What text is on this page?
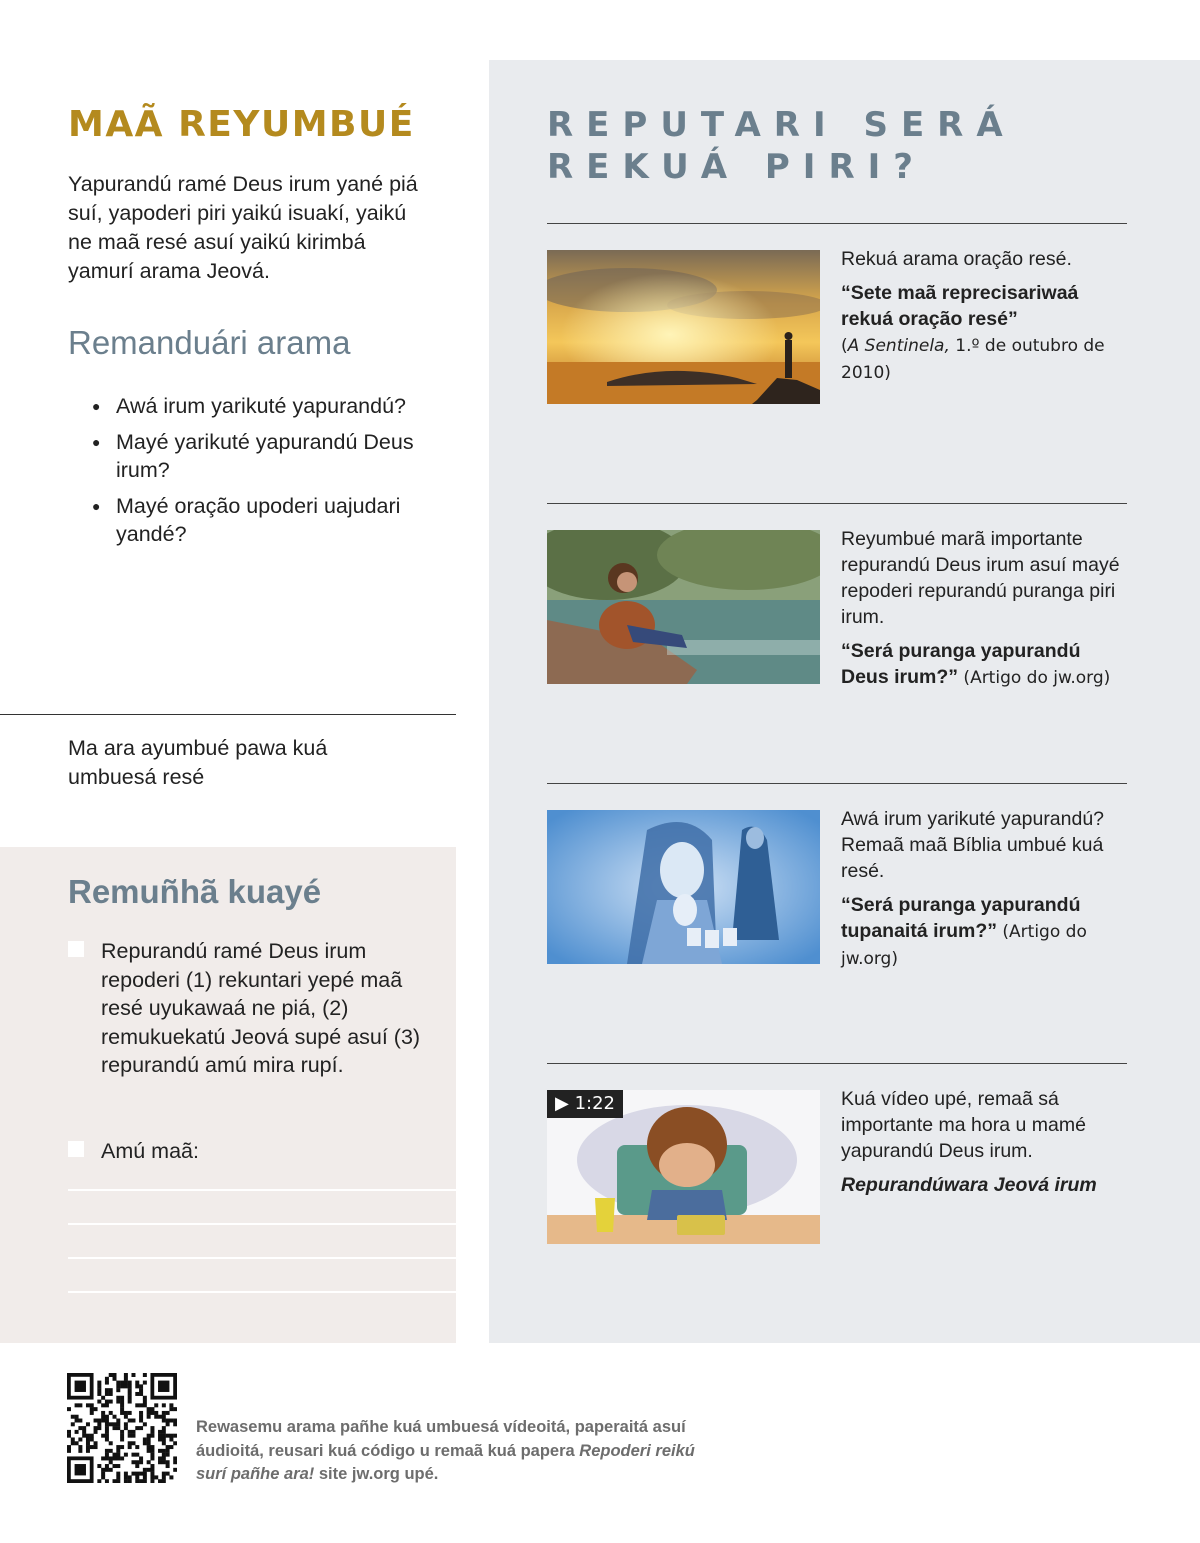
MAÃ REYUMBUÉ

Yapurandú ramé Deus irum yané piá suí, yapoderi piri yaikú isuakí, yaikú ne maã resé asuí yaikú kirimbá yamurí arama Jeová.

Remanduári arama
● Awá irum yarikuté yapurandú?
● Mayé yarikuté yapurandú Deus irum?
● Mayé oração upoderi uajudari yandé?

Ma ara ayumbué pawa kuá umbuesá resé

Remuñhã kuayé
Repurandú ramé Deus irum repoderi (1) rekuntari yepé maã resé uyukawaá ne piá, (2) remukuekatú Jeová supé asuí (3) repurandú amú mira rupí.
Amú maã:
REPUTARI SERÁ
REKUÁ PIRI?

Rekuá arama oração resé.

“Sete maã reprecisariwaá rekuá oração resé”
(A Sentinela, 1.º de outubro de 2010)

Reyumbué marã importante repurandú Deus irum asuí mayé repoderi repurandú puranga piri irum.

“Será puranga yapurandú Deus irum?” (Artigo do jw.org)

Awá irum yarikuté yapurandú? Remaã maã Bíblia umbué kuá resé.

“Será puranga yapurandú tupanaitá irum?” (Artigo do jw.org)

▶ 1:22	Kuá vídeo upé, remaã sá importante ma hora u mamé yapurandú Deus irum.

Repurandúwara Jeová irum

Rewasemu arama pañhe kuá umbuesá vídeoitá, paperaitá asuí áudioitá, reusari kuá código u remaã kuá papera Repoderi reikú surí pañhe ara! site jw.org upé.
